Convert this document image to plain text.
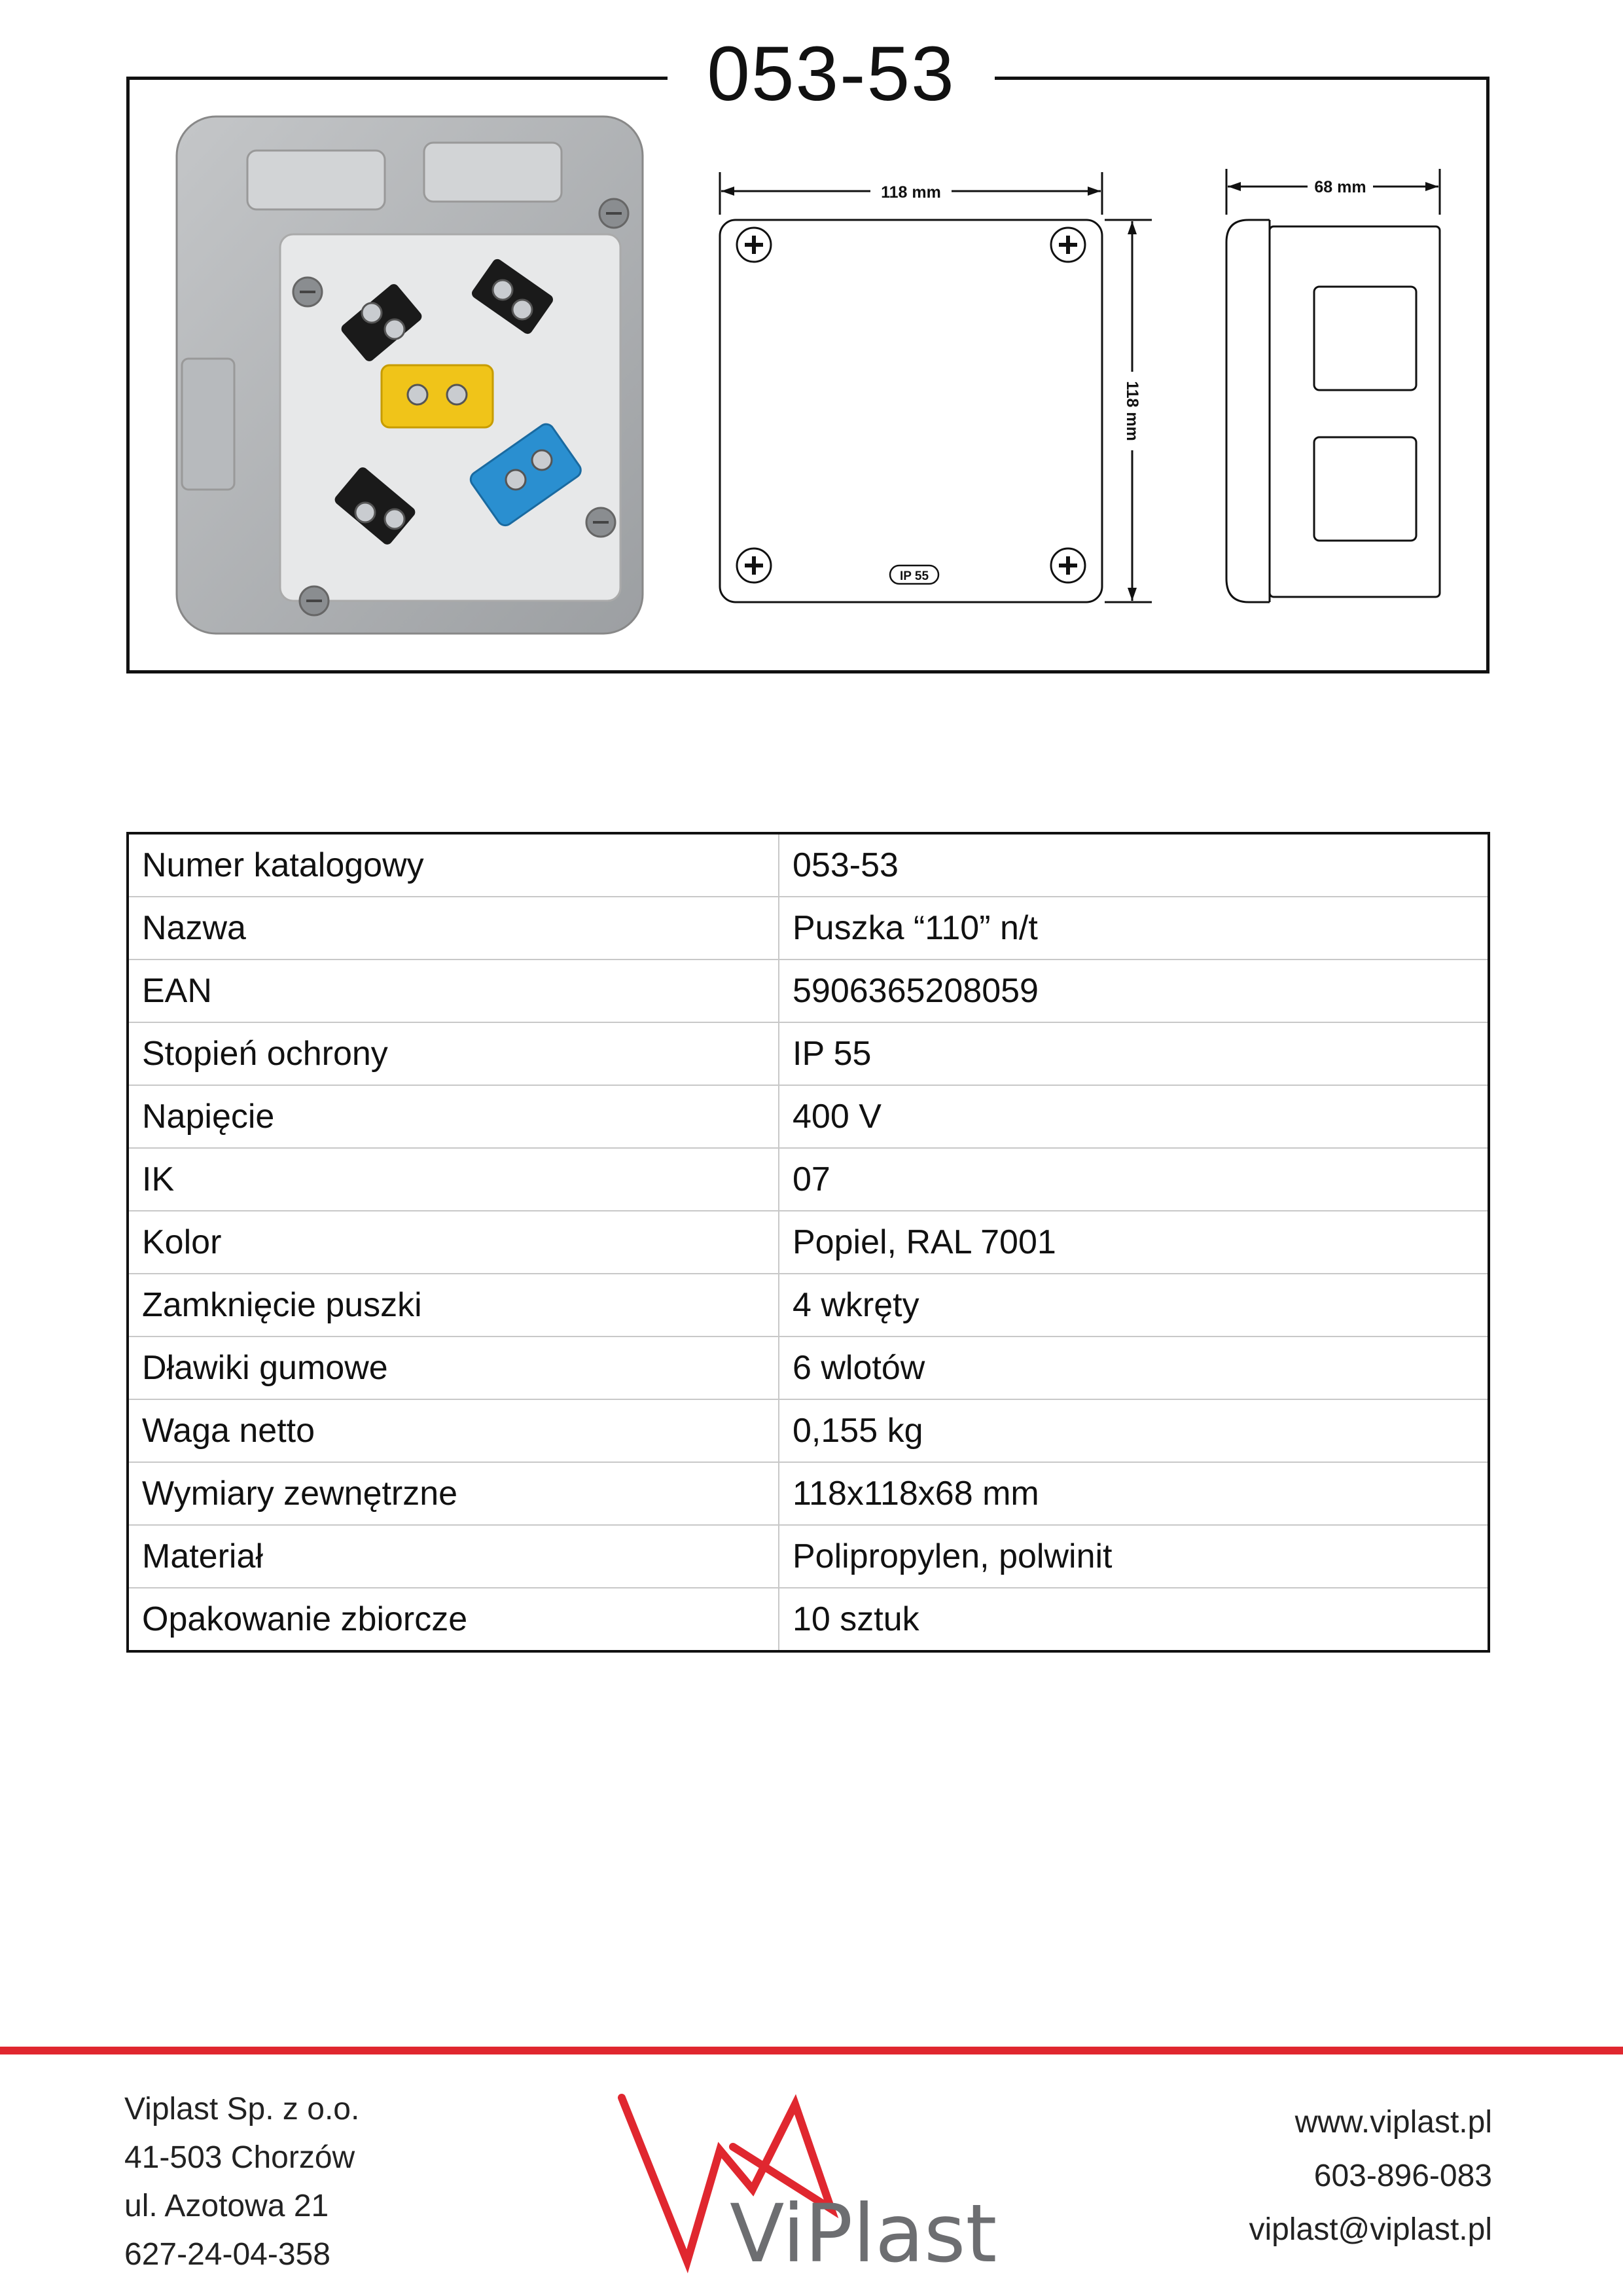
053-53
118 mm
IP 55
118 mm
68 mm
Numer katalogowy	053-53
Nazwa	Puszka “110” n/t
EAN	5906365208059
Stopień ochrony	IP 55
Napięcie	400 V
IK	07
Kolor	Popiel, RAL 7001
Zamknięcie puszki	4 wkręty
Dławiki gumowe	6 wlotów
Waga netto	0,155 kg
Wymiary zewnętrzne	118x118x68 mm
Materiał	Polipropylen, polwinit
Opakowanie zbiorcze	10 sztuk
Viplast Sp. z o.o.
41-503 Chorzów
ul. Azotowa 21
627-24-04-358	ViPlast
www.viplast.pl
603-896-083
viplast@viplast.pl
